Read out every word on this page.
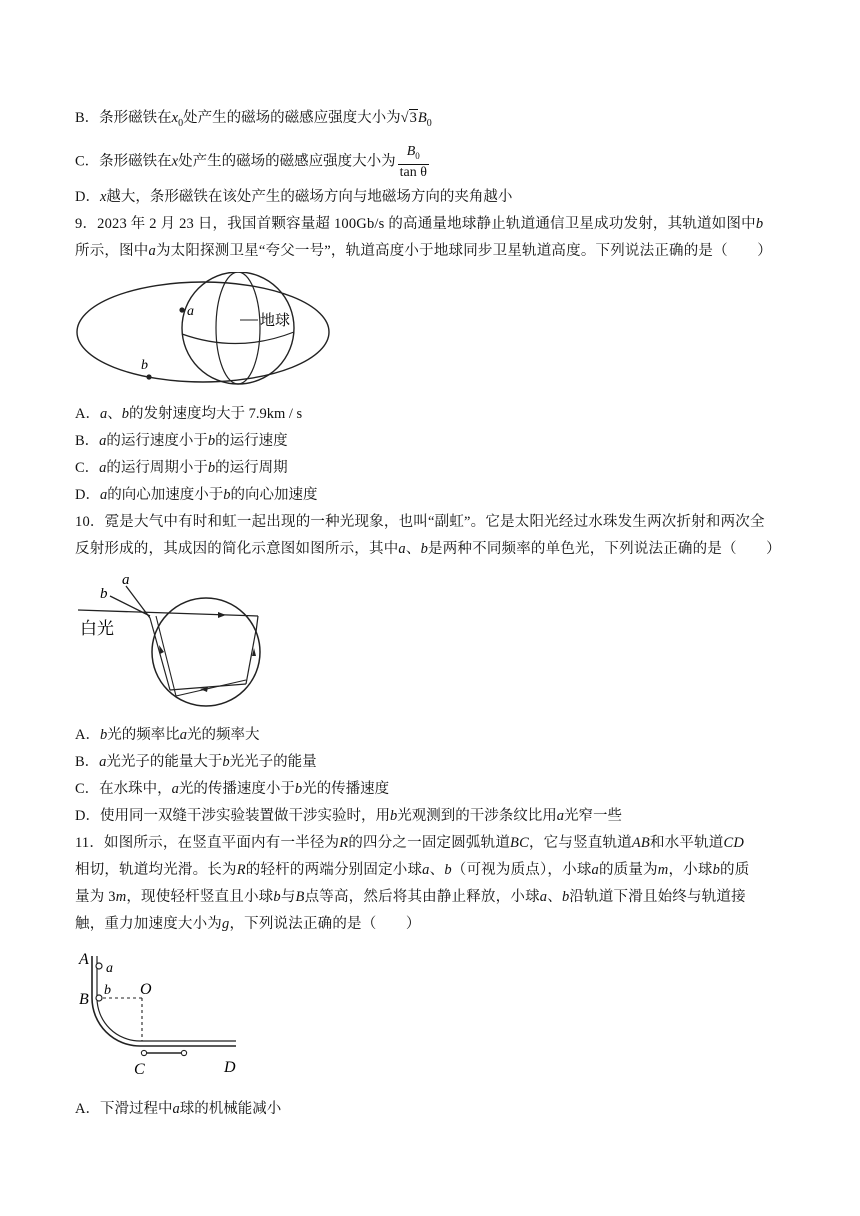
B．条形磁铁在$x_0$处产生的磁场的磁感应强度大小为$√3B_0$
C．条形磁铁在x处产生的磁场的磁感应强度大小为 $\frac{B_0}{\text{tan θ}}$
D．x越大，条形磁铁在该处产生的磁场方向与地磁场方向的夹角越小
9．2023 年 2 月 23 日，我国首颗容量超 100Gb/s 的高通量地球静止轨道通信卫星成功发射，其轨道如图中b
所示，图中a为太阳探测卫星“夸父一号”，轨道高度小于地球同步卫星轨道高度。下列说法正确的是（　　）
a
b
地球
A．a、b的发射速度均大于 7.9km / s
B．a的运行速度小于b的运行速度
C．a的运行周期小于b的运行周期
D．a的向心加速度小于b的向心加速度
10．霓是大气中有时和虹一起出现的一种光现象，也叫“副虹”。它是太阳光经过水珠发生两次折射和两次全
反射形成的，其成因的简化示意图如图所示，其中a、b是两种不同频率的单色光，下列说法正确的是（　　）
a
b
白光
A．b光的频率比a光的频率大
B．a光光子的能量大于b光光子的能量
C．在水珠中，a光的传播速度小于b光的传播速度
D．使用同一双缝干涉实验装置做干涉实验时，用b光观测到的干涉条纹比用a光窄一些
11．如图所示，在竖直平面内有一半径为R的四分之一固定圆弧轨道BC，它与竖直轨道AB和水平轨道CD
相切，轨道均光滑。长为R的轻杆的两端分别固定小球a、b（可视为质点），小球a的质量为m，小球b的质
量为 3m，现使轻杆竖直且小球b与B点等高，然后将其由静止释放，小球a、b沿轨道下滑且始终与轨道接
触，重力加速度大小为g，下列说法正确的是（　　）
A
a
B
b O
C	D
A．下滑过程中a球的机械能减小
